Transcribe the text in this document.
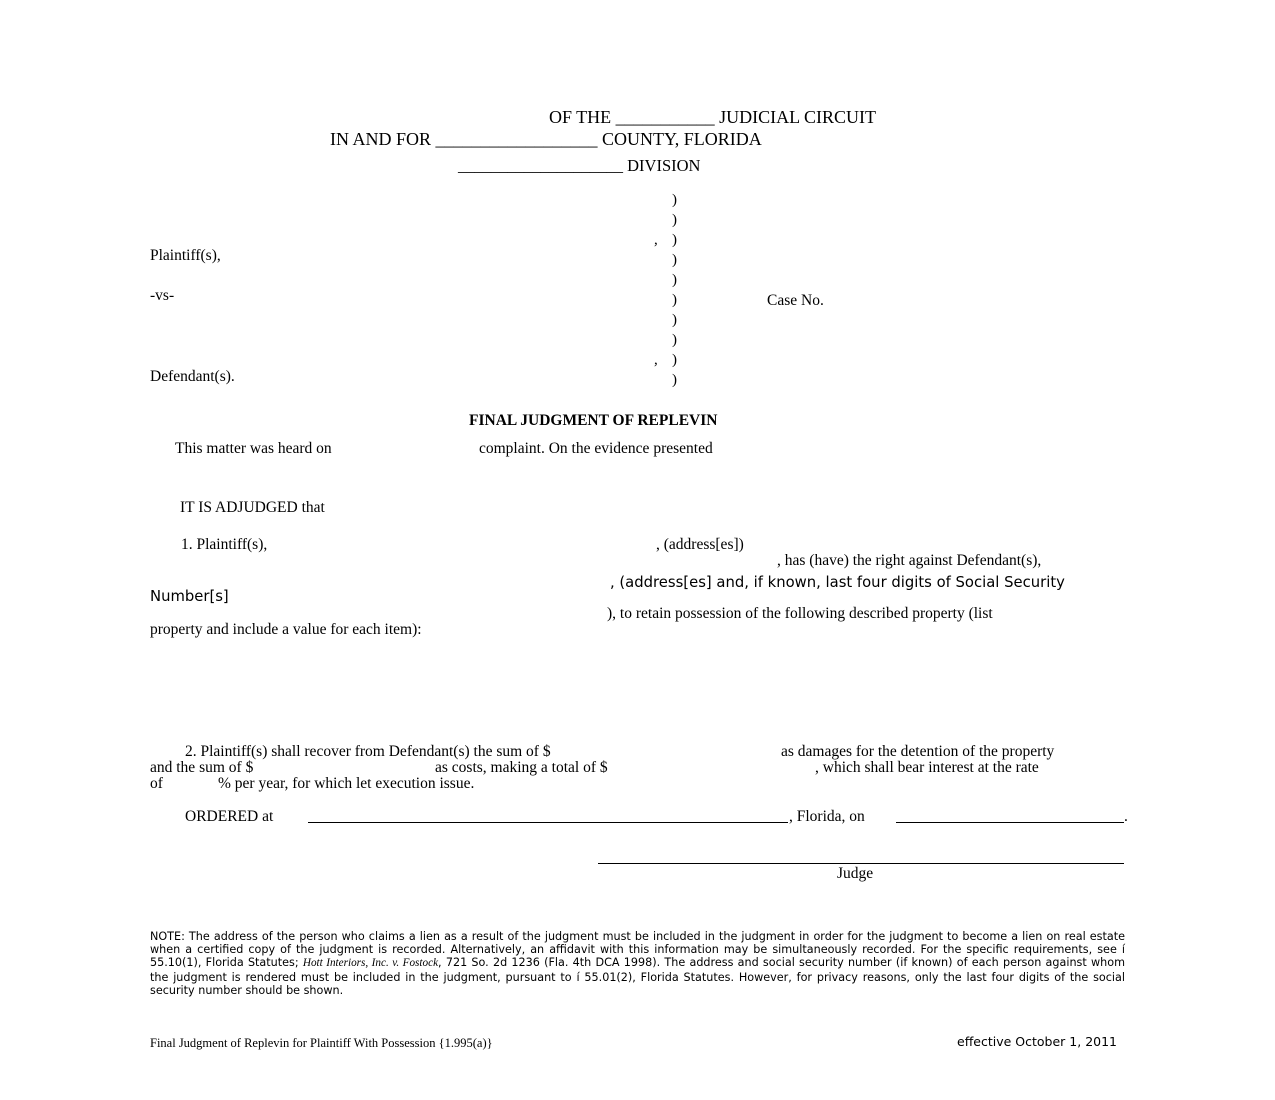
OF THE ___________ JUDICIAL CIRCUIT
IN AND FOR __________________ COUNTY, FLORIDA
____________________ DIVISION
)
)
, )
)
)
)
)
)
, )
)
Plaintiff(s),
-vs-
Defendant(s).
Case No.
FINAL JUDGMENT OF REPLEVIN
This matter was heard on	complaint. On the evidence presented
IT IS ADJUDGED that
1. Plaintiff(s),	, (address[es])
, has (have) the right against Defendant(s),
, (address[es] and, if known, last four digits of Social Security
Number[s]
), to retain possession of the following described property (list
property and include a value for each item):
2. Plaintiff(s) shall recover from Defendant(s) the sum of $	as damages for the detention of the property
and the sum of $	as costs, making a total of $	, which shall bear interest at the rate
of	% per year, for which let execution issue.
ORDERED at	, Florida, on	.
Judge
NOTE: The address of the person who claims a lien as a result of the judgment must be included in the judgment in order for the judgment to become a lien on real estate when a certified copy of the judgment is recorded. Alternatively, an affidavit with this information may be simultaneously recorded. For the specific requirements, see í 55.10(1), Florida Statutes; Hott Interiors, Inc. v. Fostock, 721 So. 2d 1236 (Fla. 4th DCA 1998). The address and social security number (if known) of each person against whom the judgment is rendered must be included in the judgment, pursuant to í 55.01(2), Florida Statutes. However, for privacy reasons, only the last four digits of the social security number should be shown.
Final Judgment of Replevin for Plaintiff With Possession {1.995(a)}	effective October 1, 2011
